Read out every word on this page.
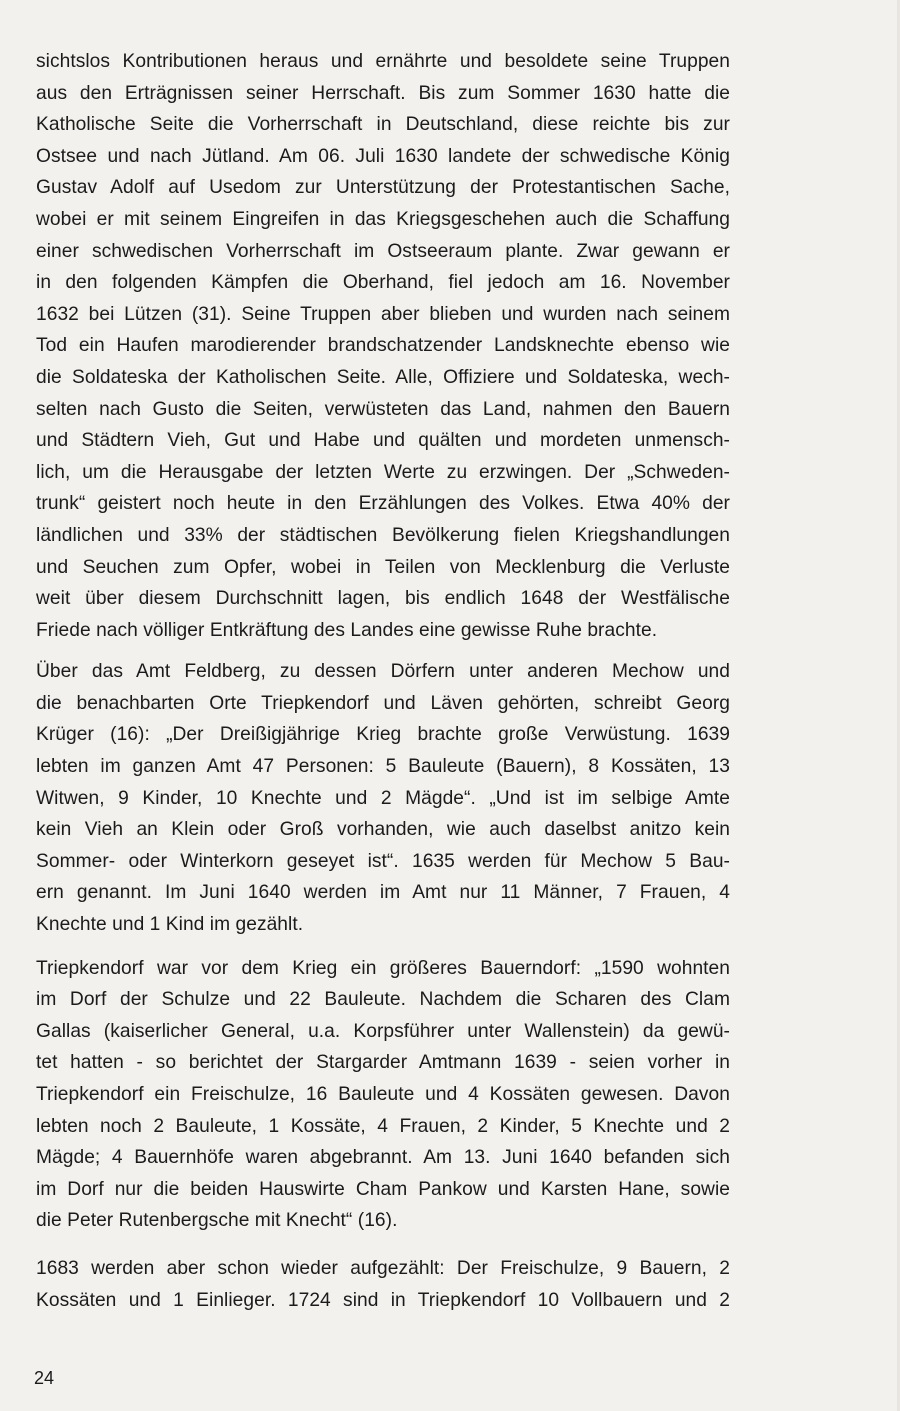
sichtslos Kontributionen heraus und ernährte und besoldete seine Truppen
aus den Erträgnissen seiner Herrschaft. Bis zum Sommer 1630 hatte die
Katholische Seite die Vorherrschaft in Deutschland, diese reichte bis zur
Ostsee und nach Jütland. Am 06. Juli 1630 landete der schwedische König
Gustav Adolf auf Usedom zur Unterstützung der Protestantischen Sache,
wobei er mit seinem Eingreifen in das Kriegsgeschehen auch die Schaffung
einer schwedischen Vorherrschaft im Ostseeraum plante. Zwar gewann er
in den folgenden Kämpfen die Oberhand, fiel jedoch am 16. November
1632 bei Lützen (31). Seine Truppen aber blieben und wurden nach seinem
Tod ein Haufen marodierender brandschatzender Landsknechte ebenso wie
die Soldateska der Katholischen Seite. Alle, Offiziere und Soldateska, wech-
selten nach Gusto die Seiten, verwüsteten das Land, nahmen den Bauern
und Städtern Vieh, Gut und Habe und quälten und mordeten unmensch-
lich, um die Herausgabe der letzten Werte zu erzwingen. Der „Schweden-
trunk“ geistert noch heute in den Erzählungen des Volkes. Etwa 40% der
ländlichen und 33% der städtischen Bevölkerung fielen Kriegshandlungen
und Seuchen zum Opfer, wobei in Teilen von Mecklenburg die Verluste
weit über diesem Durchschnitt lagen, bis endlich 1648 der Westfälische
Friede nach völliger Entkräftung des Landes eine gewisse Ruhe brachte.

Über das Amt Feldberg, zu dessen Dörfern unter anderen Mechow und
die benachbarten Orte Triepkendorf und Läven gehörten, schreibt Georg
Krüger (16): „Der Dreißigjährige Krieg brachte große Verwüstung. 1639
lebten im ganzen Amt 47 Personen: 5 Bauleute (Bauern), 8 Kossäten, 13
Witwen, 9 Kinder, 10 Knechte und 2 Mägde“. „Und ist im selbige Amte
kein Vieh an Klein oder Groß vorhanden, wie auch daselbst anitzo kein
Sommer- oder Winterkorn geseyet ist“. 1635 werden für Mechow 5 Bau-
ern genannt. Im Juni 1640 werden im Amt nur 11 Männer, 7 Frauen, 4
Knechte und 1 Kind im gezählt.

Triepkendorf war vor dem Krieg ein größeres Bauerndorf: „1590 wohnten
im Dorf der Schulze und 22 Bauleute. Nachdem die Scharen des Clam
Gallas (kaiserlicher General, u.a. Korpsführer unter Wallenstein) da gewü-
tet hatten - so berichtet der Stargarder Amtmann 1639 - seien vorher in
Triepkendorf ein Freischulze, 16 Bauleute und 4 Kossäten gewesen. Davon
lebten noch 2 Bauleute, 1 Kossäte, 4 Frauen, 2 Kinder, 5 Knechte und 2
Mägde; 4 Bauernhöfe waren abgebrannt. Am 13. Juni 1640 befanden sich
im Dorf nur die beiden Hauswirte Cham Pankow und Karsten Hane, sowie
die Peter Rutenbergsche mit Knecht“ (16).

1683 werden aber schon wieder aufgezählt: Der Freischulze, 9 Bauern, 2
Kossäten und 1 Einlieger. 1724 sind in Triepkendorf 10 Vollbauern und 2

24
